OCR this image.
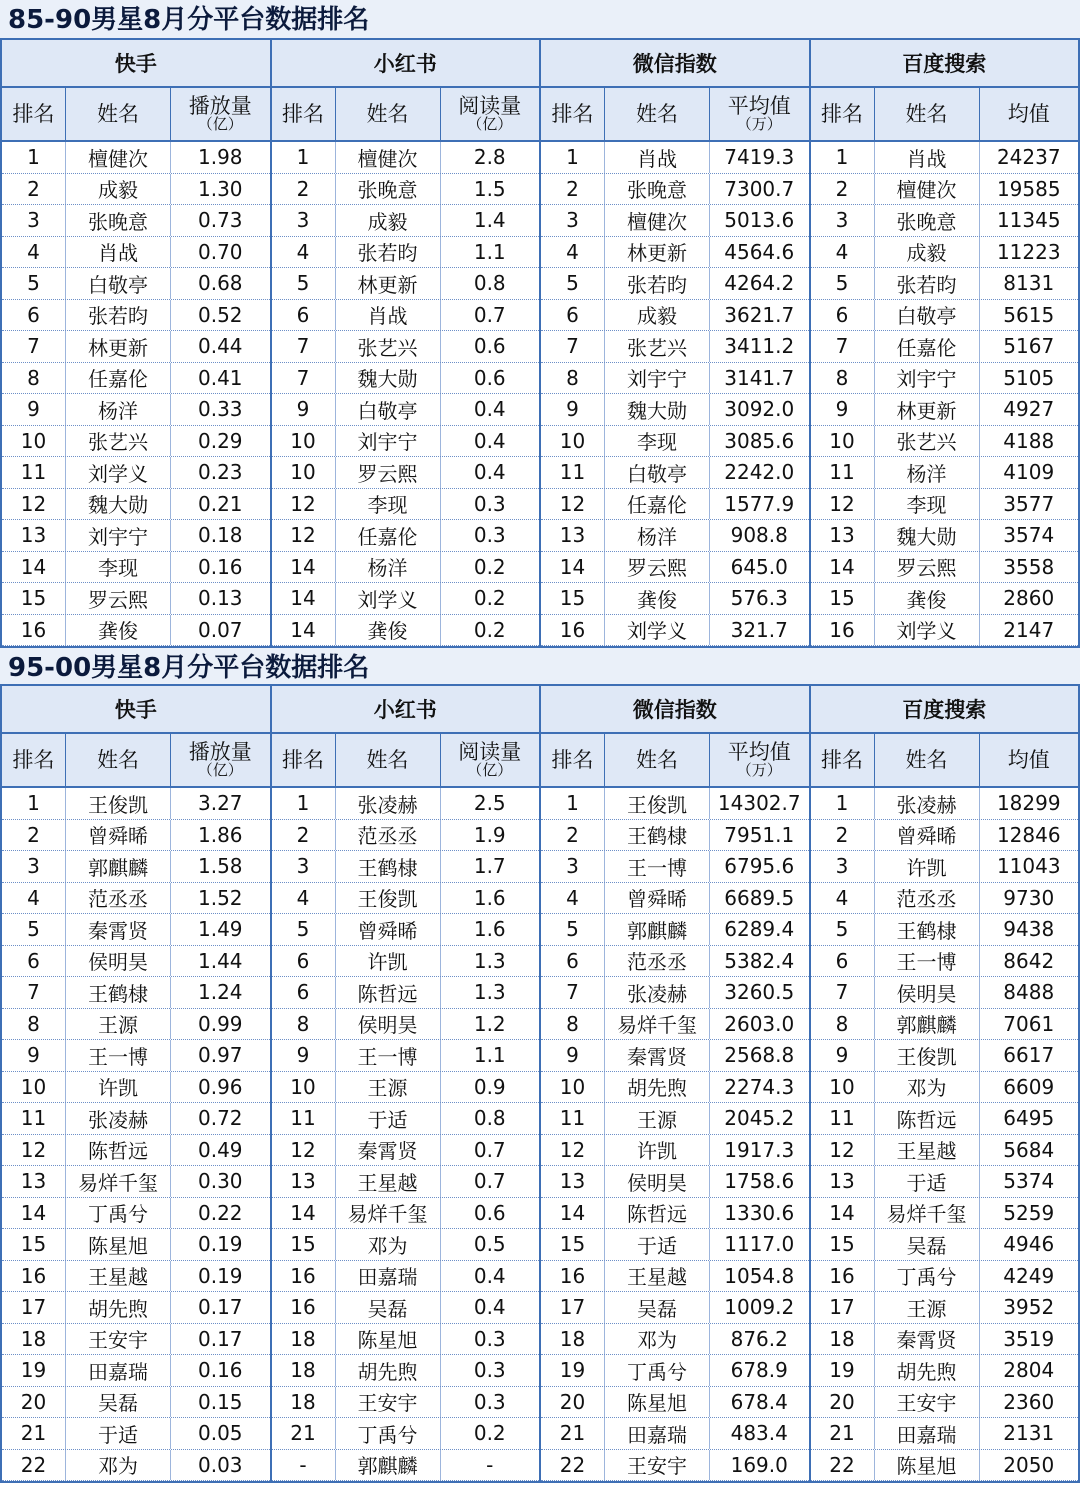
85-90男星8月分平台数据排名
快手
排名	姓名	播放量
（亿）
1	檀健次	1.98
2	成毅	1.30
3	张晚意	0.73
4	肖战	0.70
5	白敬亭	0.68
6	张若昀	0.52
7	林更新	0.44
8	任嘉伦	0.41
9	杨洋	0.33
10	张艺兴	0.29
11	刘学义	0.23
12	魏大勋	0.21
13	刘宇宁	0.18
14	李现	0.16
15	罗云熙	0.13
16	龚俊	0.07
小红书
排名	姓名	阅读量
（亿）
1	檀健次	2.8
2	张晚意	1.5
3	成毅	1.4
4	张若昀	1.1
5	林更新	0.8
6	肖战	0.7
7	张艺兴	0.6
7	魏大勋	0.6
9	白敬亭	0.4
10	刘宇宁	0.4
10	罗云熙	0.4
12	李现	0.3
12	任嘉伦	0.3
14	杨洋	0.2
14	刘学义	0.2
14	龚俊	0.2
微信指数
排名	姓名	平均值
（万）
1	肖战	7419.3
2	张晚意	7300.7
3	檀健次	5013.6
4	林更新	4564.6
5	张若昀	4264.2
6	成毅	3621.7
7	张艺兴	3411.2
8	刘宇宁	3141.7
9	魏大勋	3092.0
10	李现	3085.6
11	白敬亭	2242.0
12	任嘉伦	1577.9
13	杨洋	908.8
14	罗云熙	645.0
15	龚俊	576.3
16	刘学义	321.7
百度搜索
排名	姓名	均值
1	肖战	24237
2	檀健次	19585
3	张晚意	11345
4	成毅	11223
5	张若昀	8131
6	白敬亭	5615
7	任嘉伦	5167
8	刘宇宁	5105
9	林更新	4927
10	张艺兴	4188
11	杨洋	4109
12	李现	3577
13	魏大勋	3574
14	罗云熙	3558
15	龚俊	2860
16	刘学义	2147
95-00男星8月分平台数据排名
快手
排名	姓名	播放量
（亿）
1	王俊凯	3.27
2	曾舜晞	1.86
3	郭麒麟	1.58
4	范丞丞	1.52
5	秦霄贤	1.49
6	侯明昊	1.44
7	王鹤棣	1.24
8	王源	0.99
9	王一博	0.97
10	许凯	0.96
11	张凌赫	0.72
12	陈哲远	0.49
13	易烊千玺	0.30
14	丁禹兮	0.22
15	陈星旭	0.19
16	王星越	0.19
17	胡先煦	0.17
18	王安宇	0.17
19	田嘉瑞	0.16
20	吴磊	0.15
21	于适	0.05
22	邓为	0.03
小红书
排名	姓名	阅读量
（亿）
1	张凌赫	2.5
2	范丞丞	1.9
3	王鹤棣	1.7
4	王俊凯	1.6
5	曾舜晞	1.6
6	许凯	1.3
6	陈哲远	1.3
8	侯明昊	1.2
9	王一博	1.1
10	王源	0.9
11	于适	0.8
12	秦霄贤	0.7
13	王星越	0.7
14	易烊千玺	0.6
15	邓为	0.5
16	田嘉瑞	0.4
16	吴磊	0.4
18	陈星旭	0.3
18	胡先煦	0.3
18	王安宇	0.3
21	丁禹兮	0.2
-	郭麒麟	-
微信指数
排名	姓名	平均值
（万）
1	王俊凯	14302.7
2	王鹤棣	7951.1
3	王一博	6795.6
4	曾舜晞	6689.5
5	郭麒麟	6289.4
6	范丞丞	5382.4
7	张凌赫	3260.5
8	易烊千玺	2603.0
9	秦霄贤	2568.8
10	胡先煦	2274.3
11	王源	2045.2
12	许凯	1917.3
13	侯明昊	1758.6
14	陈哲远	1330.6
15	于适	1117.0
16	王星越	1054.8
17	吴磊	1009.2
18	邓为	876.2
19	丁禹兮	678.9
20	陈星旭	678.4
21	田嘉瑞	483.4
22	王安宇	169.0
百度搜索
排名	姓名	均值
1	张凌赫	18299
2	曾舜晞	12846
3	许凯	11043
4	范丞丞	9730
5	王鹤棣	9438
6	王一博	8642
7	侯明昊	8488
8	郭麒麟	7061
9	王俊凯	6617
10	邓为	6609
11	陈哲远	6495
12	王星越	5684
13	于适	5374
14	易烊千玺	5259
15	吴磊	4946
16	丁禹兮	4249
17	王源	3952
18	秦霄贤	3519
19	胡先煦	2804
20	王安宇	2360
21	田嘉瑞	2131
22	陈星旭	2050
